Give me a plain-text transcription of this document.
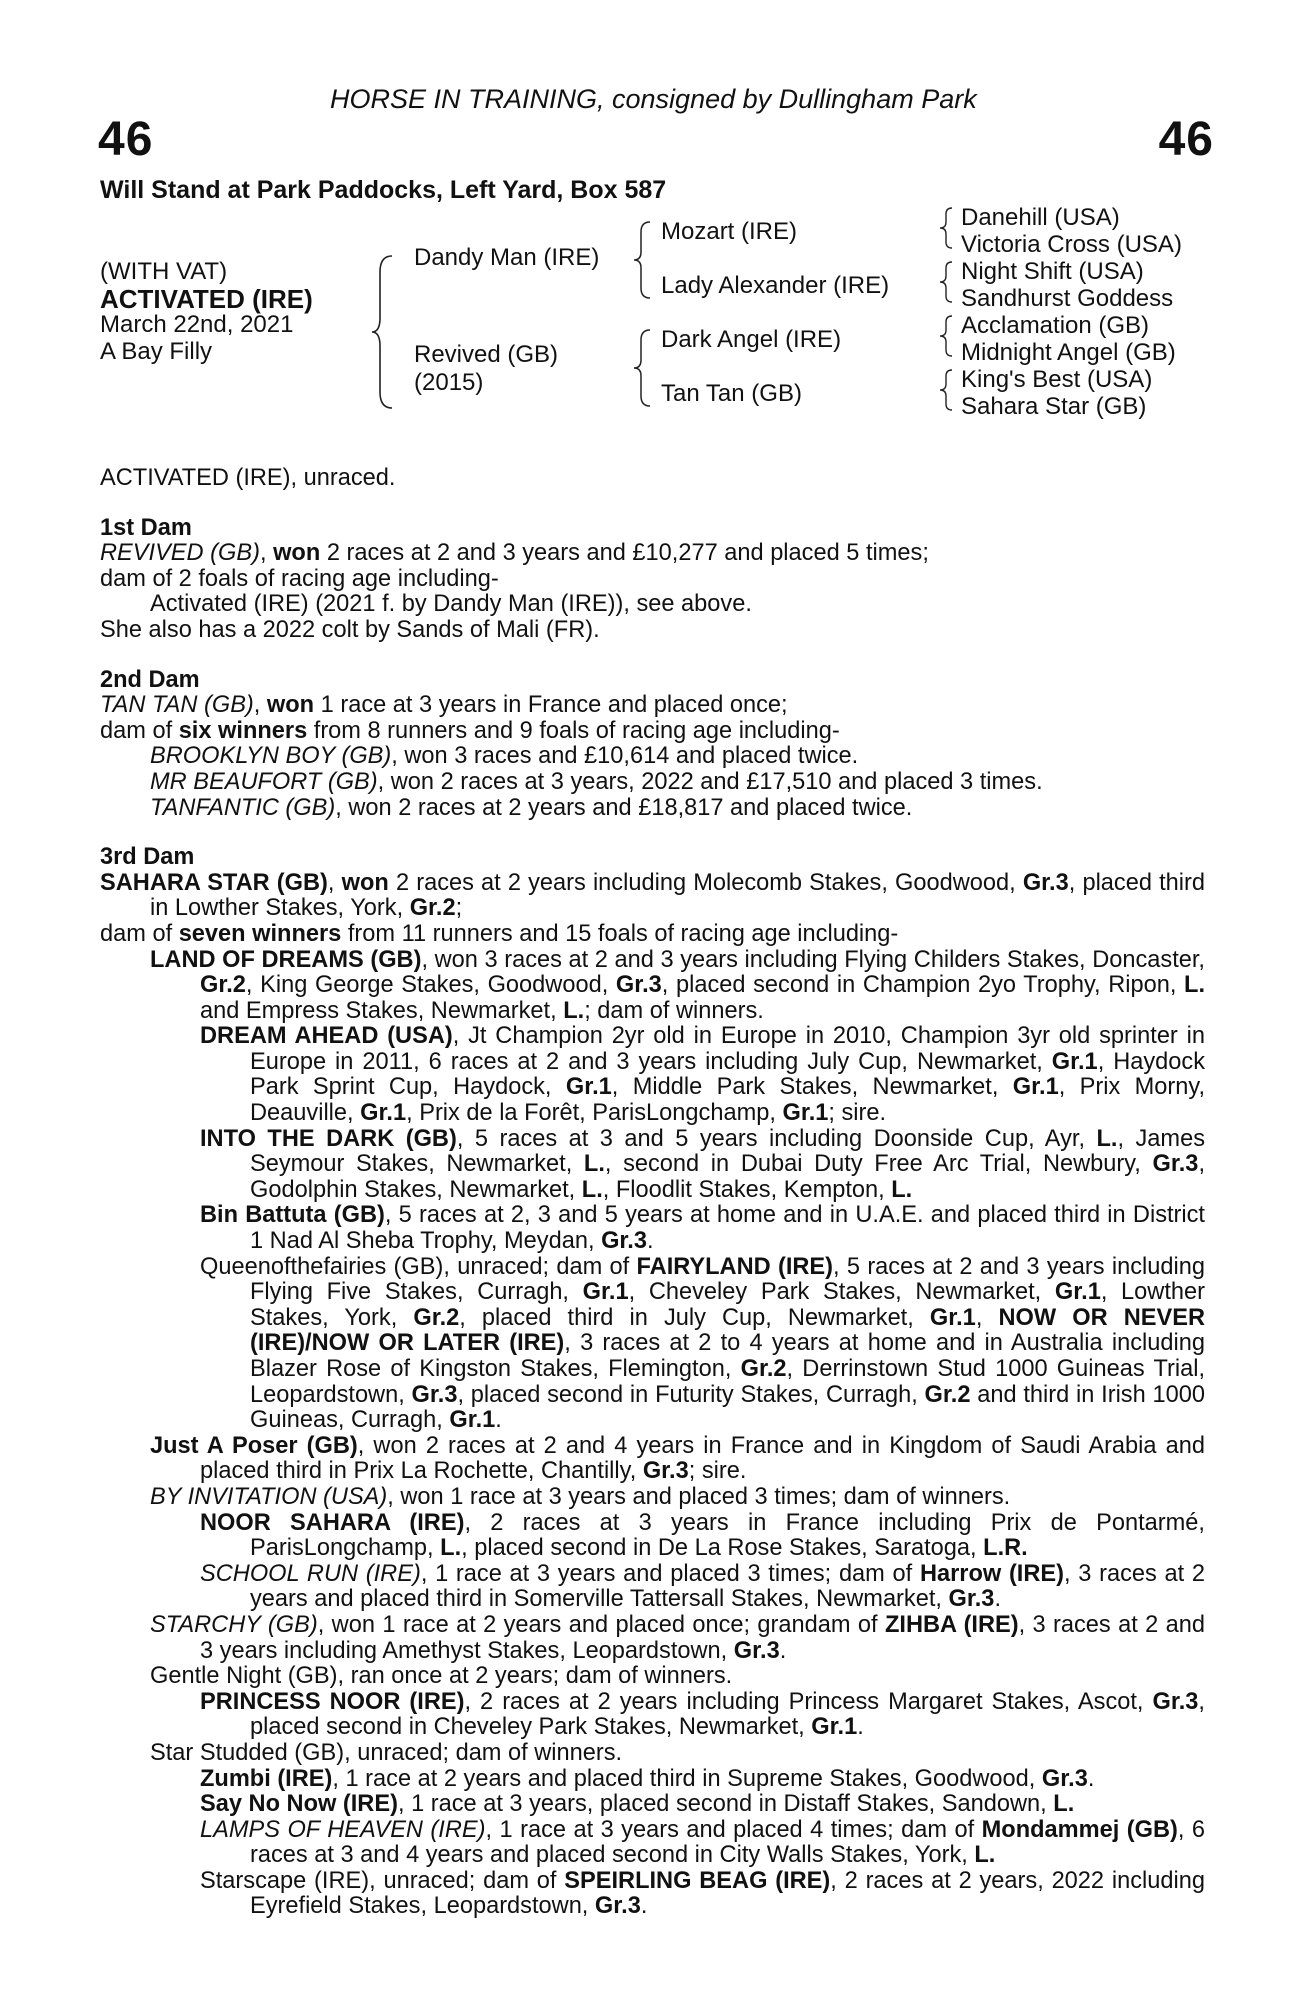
HORSE IN TRAINING, consigned by Dullingham Park
46	46
Will Stand at Park Paddocks, Left Yard, Box 587
(WITH VAT)
ACTIVATED (IRE)
March 22nd, 2021
A Bay Filly
Dandy Man (IRE)
Revived (GB)
(2015)
Mozart (IRE)
Lady Alexander (IRE)
Dark Angel (IRE)
Tan Tan (GB)
Danehill (USA)
Victoria Cross (USA)
Night Shift (USA)
Sandhurst Goddess
Acclamation (GB)
Midnight Angel (GB)
King's Best (USA)
Sahara Star (GB)

ACTIVATED (IRE), unraced.

1st Dam

REVIVED (GB), won 2 races at 2 and 3 years and £10,277 and placed 5 times;

dam of 2 foals of racing age including-

Activated (IRE) (2021 f. by Dandy Man (IRE)), see above.

She also has a 2022 colt by Sands of Mali (FR).

2nd Dam

TAN TAN (GB), won 1 race at 3 years in France and placed once;

dam of six winners from 8 runners and 9 foals of racing age including-

BROOKLYN BOY (GB), won 3 races and £10,614 and placed twice.

MR BEAUFORT (GB), won 2 races at 3 years, 2022 and £17,510 and placed 3 times.

TANFANTIC (GB), won 2 races at 2 years and £18,817 and placed twice.

3rd Dam

SAHARA STAR (GB), won 2 races at 2 years including Molecomb Stakes, Goodwood, Gr.3, placed third in Lowther Stakes, York, Gr.2;

dam of seven winners from 11 runners and 15 foals of racing age including-

LAND OF DREAMS (GB), won 3 races at 2 and 3 years including Flying Childers Stakes, Doncaster, Gr.2, King George Stakes, Goodwood, Gr.3, placed second in Champion 2yo Trophy, Ripon, L. and Empress Stakes, Newmarket, L.; dam of winners.

DREAM AHEAD (USA), Jt Champion 2yr old in Europe in 2010, Champion 3yr old sprinter in Europe in 2011, 6 races at 2 and 3 years including July Cup, Newmarket, Gr.1, Haydock Park Sprint Cup, Haydock, Gr.1, Middle Park Stakes, Newmarket, Gr.1, Prix Morny, Deauville, Gr.1, Prix de la Forêt, ParisLongchamp, Gr.1; sire.

INTO THE DARK (GB), 5 races at 3 and 5 years including Doonside Cup, Ayr, L., James Seymour Stakes, Newmarket, L., second in Dubai Duty Free Arc Trial, Newbury, Gr.3, Godolphin Stakes, Newmarket, L., Floodlit Stakes, Kempton, L.

Bin Battuta (GB), 5 races at 2, 3 and 5 years at home and in U.A.E. and placed third in District 1 Nad Al Sheba Trophy, Meydan, Gr.3.

Queenofthefairies (GB), unraced; dam of FAIRYLAND (IRE), 5 races at 2 and 3 years including Flying Five Stakes, Curragh, Gr.1, Cheveley Park Stakes, Newmarket, Gr.1, Lowther Stakes, York, Gr.2, placed third in July Cup, Newmarket, Gr.1, NOW OR NEVER (IRE)/NOW OR LATER (IRE), 3 races at 2 to 4 years at home and in Australia including Blazer Rose of Kingston Stakes, Flemington, Gr.2, Derrinstown Stud 1000 Guineas Trial, Leopardstown, Gr.3, placed second in Futurity Stakes, Curragh, Gr.2 and third in Irish 1000 Guineas, Curragh, Gr.1.

Just A Poser (GB), won 2 races at 2 and 4 years in France and in Kingdom of Saudi Arabia and placed third in Prix La Rochette, Chantilly, Gr.3; sire.

BY INVITATION (USA), won 1 race at 3 years and placed 3 times; dam of winners.

NOOR SAHARA (IRE), 2 races at 3 years in France including Prix de Pontarmé, ParisLongchamp, L., placed second in De La Rose Stakes, Saratoga, L.R.

SCHOOL RUN (IRE), 1 race at 3 years and placed 3 times; dam of Harrow (IRE), 3 races at 2 years and placed third in Somerville Tattersall Stakes, Newmarket, Gr.3.

STARCHY (GB), won 1 race at 2 years and placed once; grandam of ZIHBA (IRE), 3 races at 2 and 3 years including Amethyst Stakes, Leopardstown, Gr.3.

Gentle Night (GB), ran once at 2 years; dam of winners.

PRINCESS NOOR (IRE), 2 races at 2 years including Princess Margaret Stakes, Ascot, Gr.3, placed second in Cheveley Park Stakes, Newmarket, Gr.1.

Star Studded (GB), unraced; dam of winners.

Zumbi (IRE), 1 race at 2 years and placed third in Supreme Stakes, Goodwood, Gr.3.

Say No Now (IRE), 1 race at 3 years, placed second in Distaff Stakes, Sandown, L.

LAMPS OF HEAVEN (IRE), 1 race at 3 years and placed 4 times; dam of Mondammej (GB), 6 races at 3 and 4 years and placed second in City Walls Stakes, York, L.

Starscape (IRE), unraced; dam of SPEIRLING BEAG (IRE), 2 races at 2 years, 2022 including Eyrefield Stakes, Leopardstown, Gr.3.
